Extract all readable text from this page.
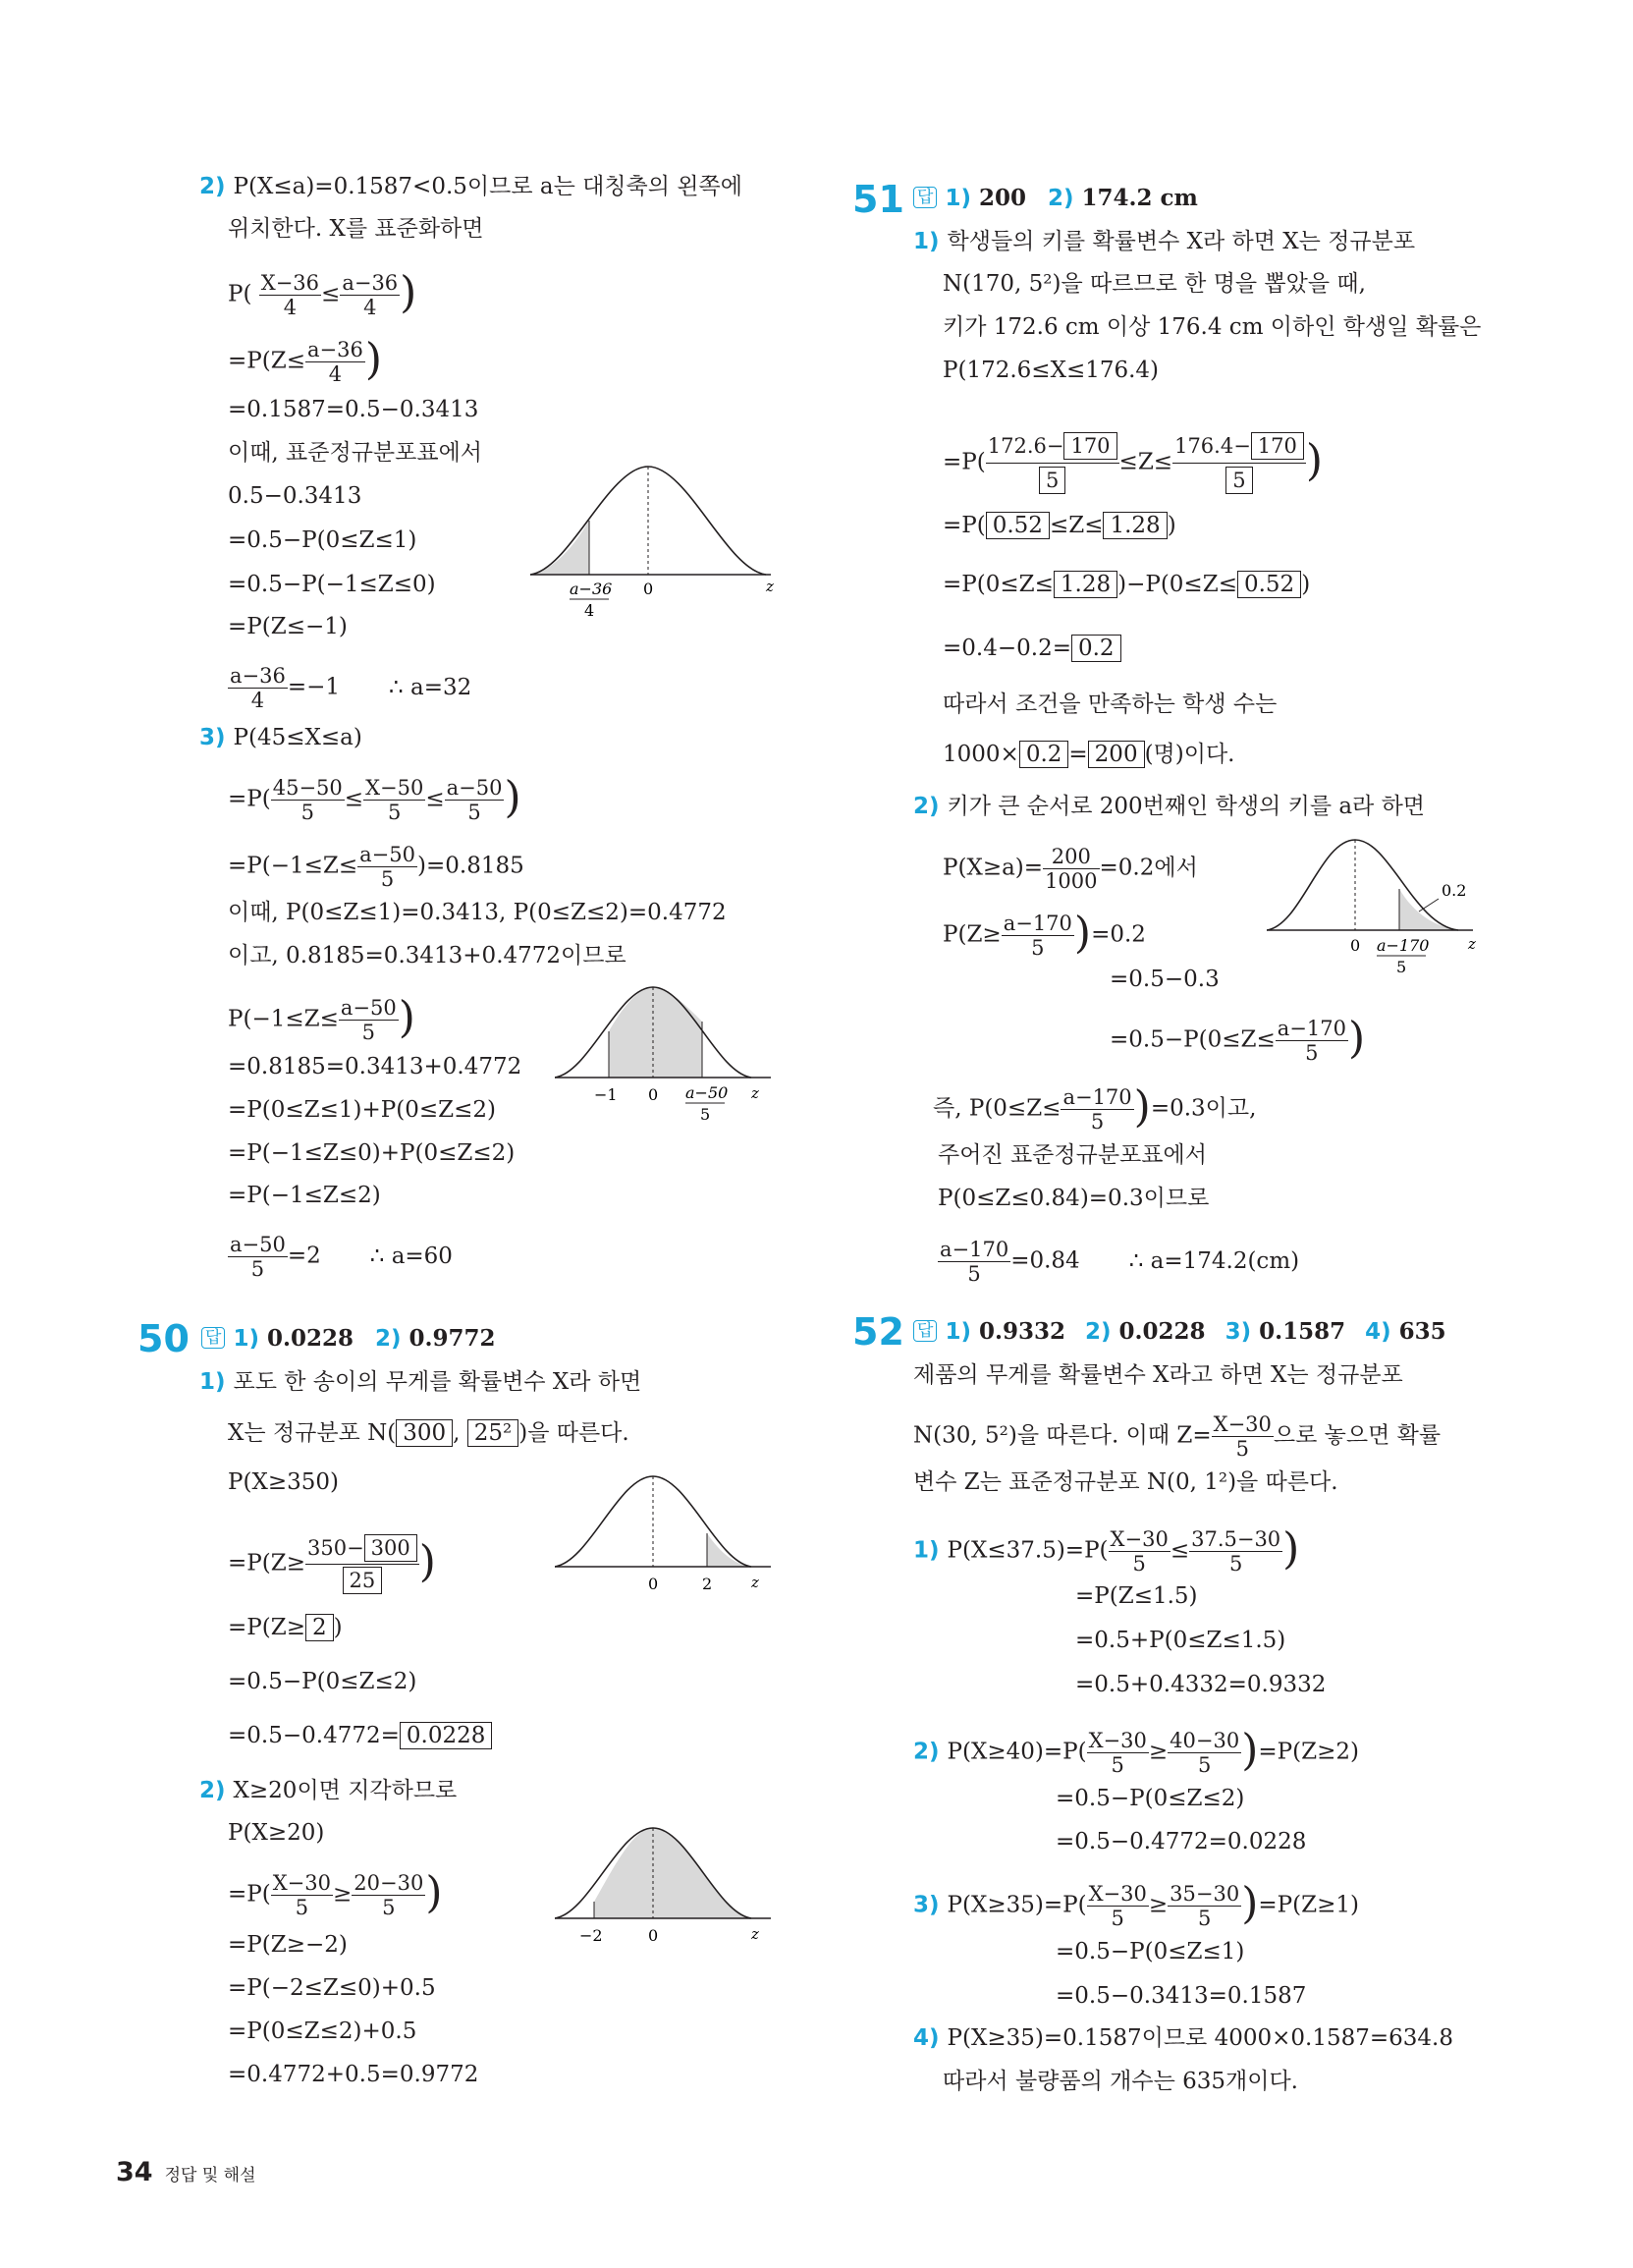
2) P(X≤a)=0.1587<0.5이므로 a는 대칭축의 왼쪽에
위치한다. X를 표준화하면
$P( \frac{X-36}{4} \le \frac{a-36}{4}$ )
$=P(Z\le \frac{a-36}{4}$ )
=0.1587=0.5−0.3413
이때, 표준정규분포표에서
0.5−0.3413
=0.5−P(0≤Z≤1)
=0.5−P(−1≤Z≤0)
=P(Z≤−1)
$\frac{a-36}{4} =-1$ ∴ a=32
3) P(45≤X≤a)
$=P( \frac{45-50}{5} \le \frac{X-50}{5} \le \frac{a-50}{5}$ )
$=P(-1\le Z\le \frac{a-50}{5} )=0.8185$
이때, P(0≤Z≤1)=0.3413, P(0≤Z≤2)=0.4772
이고, 0.8185=0.3413+0.4772이므로
$P(-1\le Z\le \frac{a-50}{5}$ )
=0.8185=0.3413+0.4772
=P(0≤Z≤1)+P(0≤Z≤2)
=P(−1≤Z≤0)+P(0≤Z≤2)
=P(−1≤Z≤2)
$\frac{a-50}{5} =2$ ∴ a=60
a−36
4
0	z
−1 0 a−50
5
z
50 답 1) 0.0228 2) 0.9772
1) 포도 한 송이의 무게를 확률변수 X라 하면
X는 정규분포 N( 300 , 25² )을 따른다.
P(X≥350)
$=P(Z\ge \frac{350- 300}{25}$ )
=P(Z≥ 2 )
=0.5−P(0≤Z≤2)
=0.5−0.4772= 0.0228
2) X≥20이면 지각하므로
P(X≥20)
$=P( \frac{X-30}{5} \ge \frac{20-30}{5}$ )
=P(Z≥−2)
=P(−2≤Z≤0)+0.5
=P(0≤Z≤2)+0.5
=0.4772+0.5=0.9772
0	2	z
−2	0	z
51 답 1) 200 2) 174.2 cm
1) 학생들의 키를 확률변수 X라 하면 X는 정규분포
N(170, 5²)을 따르므로 한 명을 뽑았을 때,
키가 172.6 cm 이상 176.4 cm 이하인 학생일 확률은
P(172.6≤X≤176.4)
$=P( \frac{172.6- 170}{5} \le Z\le \frac{176.4- 170}{5}$ )
=P( 0.52 ≤Z≤ 1.28 )
=P(0≤Z≤ 1.28 )−P(0≤Z≤ 0.52 )
=0.4−0.2= 0.2
따라서 조건을 만족하는 학생 수는
1000× 0.2 = 200 (명)이다.
2) 키가 큰 순서로 200번째인 학생의 키를 a라 하면
$P(X\ge a)= \frac{200}{1000} =0.2$에서
$P(Z\ge \frac{a-170}{5} )=0.2$
=0.5−0.3
$=0.5-P(0\le Z\le \frac{a-170}{5}$ )
즉, $P(0\le Z\le \frac{a-170}{5} )=0.3$이고,
주어진 표준정규분포표에서
P(0≤Z≤0.84)=0.3이므로
$\frac{a-170}{5} =0.84$ ∴ a=174.2(cm)
0.2
0 a−170
5
z
52 답 1) 0.9332 2) 0.0228 3) 0.1587 4) 635
제품의 무게를 확률변수 X라고 하면 X는 정규분포
N(30, 5²)을 따른다. 이때 $Z= \frac{X-30}{5}$ 으로 놓으면 확률
변수 Z는 표준정규분포 N(0, 1²)을 따른다.
1) $P(X\le 37.5)=P( \frac{X-30}{5} \le \frac{37.5-30}{5}$ )
=P(Z≤1.5)
=0.5+P(0≤Z≤1.5)
=0.5+0.4332=0.9332
2) $P(X\ge 40)=P( \frac{X-30}{5} \ge \frac{40-30}{5} )=P(Z\ge 2)$
=0.5−P(0≤Z≤2)
=0.5−0.4772=0.0228
3) $P(X\ge 35)=P( \frac{X-30}{5} \ge \frac{35-30}{5} )=P(Z\ge 1)$
=0.5−P(0≤Z≤1)
=0.5−0.3413=0.1587
4) P(X≥35)=0.1587이므로 4000×0.1587=634.8
따라서 불량품의 개수는 635개이다.
34 정답 및 해설
